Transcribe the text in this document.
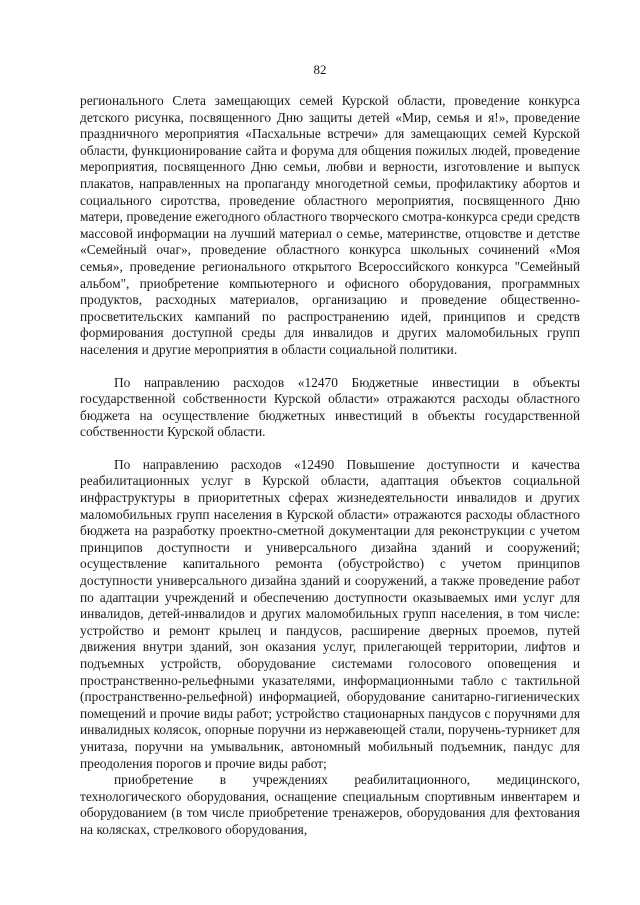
82

регионального Слета замещающих семей Курской области, проведение конкурса детского рисунка, посвященного Дню защиты детей «Мир, семья и я!», проведение праздничного мероприятия «Пасхальные встречи» для замещающих семей Курской области, функционирование сайта и форума для общения пожилых людей, проведение мероприятия, посвященного Дню семьи, любви и верности, изготовление и выпуск плакатов, направленных на пропаганду многодетной семьи, профилактику абортов и социального сиротства, проведение областного мероприятия, посвященного Дню матери, проведение ежегодного областного творческого смотра-конкурса среди средств массовой информации на лучший материал о семье, материнстве, отцовстве и детстве «Семейный очаг», проведение областного конкурса школьных сочинений «Моя семья», проведение регионального открытого Всероссийского конкурса "Семейный альбом", приобретение компьютерного и офисного оборудования, программных продуктов, расходных материалов, организацию и проведение общественно-просветительских кампаний по распространению идей, принципов и средств формирования доступной среды для инвалидов и других маломобильных групп населения и другие мероприятия в области социальной политики.

По направлению расходов «12470 Бюджетные инвестиции в объекты государственной собственности Курской области» отражаются расходы областного бюджета на осуществление бюджетных инвестиций в объекты государственной собственности Курской области.

По направлению расходов «12490 Повышение доступности и качества реабилитационных услуг в Курской области, адаптация объектов социальной инфраструктуры в приоритетных сферах жизнедеятельности инвалидов и других маломобильных групп населения в Курской области» отражаются расходы областного бюджета на разработку проектно-сметной документации для реконструкции с учетом принципов доступности и универсального дизайна зданий и сооружений; осуществление капитального ремонта (обустройство) с учетом принципов доступности универсального дизайна зданий и сооружений, а также проведение работ по адаптации учреждений и обеспечению доступности оказываемых ими услуг для инвалидов, детей-инвалидов и других маломобильных групп населения, в том числе: устройство и ремонт крылец и пандусов, расширение дверных проемов, путей движения внутри зданий, зон оказания услуг, прилегающей территории, лифтов и подъемных устройств, оборудование системами голосового оповещения и пространственно-рельефными указателями, информационными табло с тактильной (пространственно-рельефной) информацией, оборудование санитарно-гигиенических помещений и прочие виды работ; устройство стационарных пандусов с поручнями для инвалидных колясок, опорные поручни из нержавеющей стали, поручень-турникет для унитаза, поручни на умывальник, автономный мобильный подъемник, пандус для преодоления порогов и прочие виды работ;

приобретение в учреждениях реабилитационного, медицинского, технологического оборудования, оснащение специальным спортивным инвентарем и оборудованием (в том числе приобретение тренажеров, оборудования для фехтования на колясках, стрелкового оборудования,
